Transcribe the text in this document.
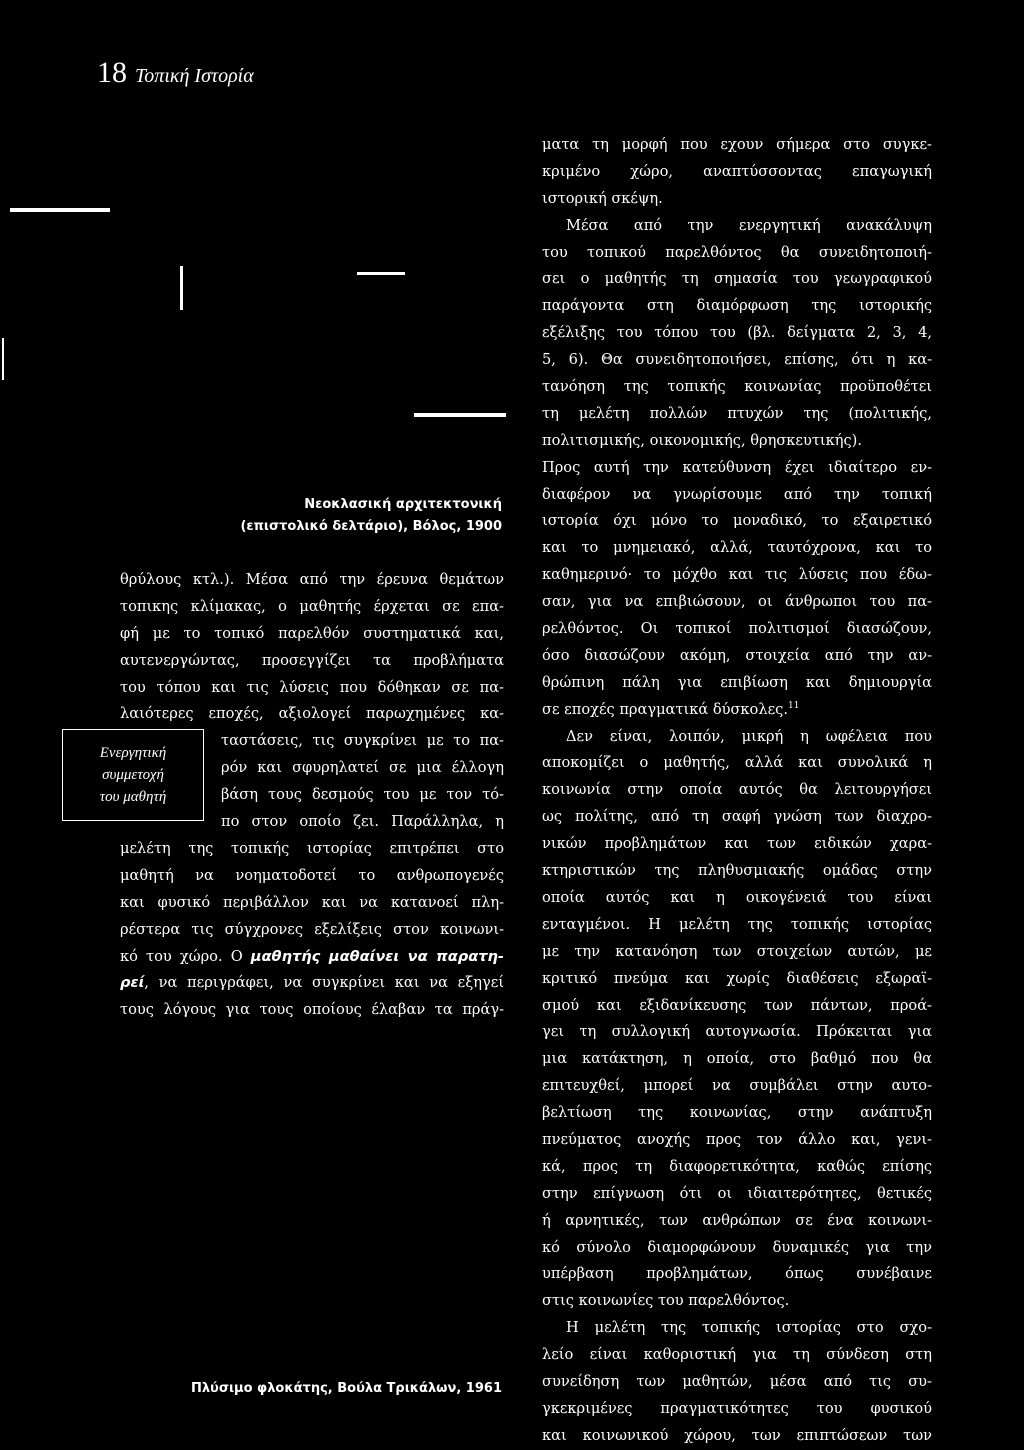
18 Τοπική Ιστορία
Νεοκλασική αρχιτεκτονική
(επιστολικό δελτάριο), Βόλος, 1900
θρύλους κτλ.). Μέσα από την έρευνα θεμάτων
τοπικης κλίμακας, ο μαθητής έρχεται σε επα-
φή με το τοπικό παρελθόν συστηματικά και,
αυτενεργώντας, προσεγγίζει τα προβλήματα
του τόπου και τις λύσεις που δόθηκαν σε πα-
λαιότερες εποχές, αξιολογεί παρωχημένες κα-
Ενεργητική
συμμετοχή
του μαθητή
ταστάσεις, τις συγκρίνει με το πα-
ρόν και σφυρηλατεί σε μια έλλογη
βάση τους δεσμούς του με τον τό-
πο στον οποίο ζει. Παράλληλα, η
μελέτη της τοπικής ιστορίας επιτρέπει στο
μαθητή να νοηματοδοτεί το ανθρωπογενές
και φυσικό περιβάλλον και να κατανοεί πλη-
ρέστερα τις σύγχρονες εξελίξεις στον κοινωνι-
κό του χώρο. Ο μαθητής μαθαίνει να παρατη-
ρεί, να περιγράφει, να συγκρίνει και να εξηγεί
τους λόγους για τους οποίους έλαβαν τα πράγ-
Πλύσιμο φλοκάτης, Βούλα Τρικάλων, 1961
ματα τη μορφή που εχουν σήμερα στο συγκε-
κριμένο χώρο, αναπτύσσοντας επαγωγική
ιστορική σκέψη.
Μέσα από την ενεργητική ανακάλυψη
του τοπικού παρελθόντος θα συνειδητοποιή-
σει ο μαθητής τη σημασία του γεωγραφικού
παράγοντα στη διαμόρφωση της ιστορικής
εξέλιξης του τόπου του (βλ. δείγματα 2, 3, 4,
5, 6). Θα συνειδητοποιήσει, επίσης, ότι η κα-
τανόηση της τοπικής κοινωνίας προϋποθέτει
τη μελέτη πολλών πτυχών της (πολιτικής,
πολιτισμικής, οικονομικής, θρησκευτικής).
Προς αυτή την κατεύθυνση έχει ιδιαίτερο εν-
διαφέρον να γνωρίσουμε από την τοπική
ιστορία όχι μόνο το μοναδικό, το εξαιρετικό
και το μνημειακό, αλλά, ταυτόχρονα, και το
καθημερινό· το μόχθο και τις λύσεις που έδω-
σαν, για να επιβιώσουν, οι άνθρωποι του πα-
ρελθόντος. Οι τοπικοί πολιτισμοί διασώζουν,
όσο διασώζουν ακόμη, στοιχεία από την αν-
θρώπινη πάλη για επιβίωση και δημιουργία
σε εποχές πραγματικά δύσκολες.$^{11}$
Δεν είναι, λοιπόν, μικρή η ωφέλεια που
αποκομίζει ο μαθητής, αλλά και συνολικά η
κοινωνία στην οποία αυτός θα λειτουργήσει
ως πολίτης, από τη σαφή γνώση των διαχρο-
νικών προβλημάτων και των ειδικών χαρα-
κτηριστικών της πληθυσμιακής ομάδας στην
οποία αυτός και η οικογένειά του είναι
ενταγμένοι. Η μελέτη της τοπικής ιστορίας
με την κατανόηση των στοιχείων αυτών, με
κριτικό πνεύμα και χωρίς διαθέσεις εξωραϊ-
σμού και εξιδανίκευσης των πάντων, προά-
γει τη συλλογική αυτογνωσία. Πρόκειται για
μια κατάκτηση, η οποία, στο βαθμό που θα
επιτευχθεί, μπορεί να συμβάλει στην αυτο-
βελτίωση της κοινωνίας, στην ανάπτυξη
πνεύματος ανοχής προς τον άλλο και, γενι-
κά, προς τη διαφορετικότητα, καθώς επίσης
στην επίγνωση ότι οι ιδιαιτερότητες, θετικές
ή αρνητικές, των ανθρώπων σε ένα κοινωνι-
κό σύνολο διαμορφώνουν δυναμικές για την
υπέρβαση προβλημάτων, όπως συνέβαινε
στις κοινωνίες του παρελθόντος.
Η μελέτη της τοπικής ιστορίας στο σχο-
λείο είναι καθοριστική για τη σύνδεση στη
συνείδηση των μαθητών, μέσα από τις συ-
γκεκριμένες πραγματικότητες του φυσικού
και κοινωνικού χώρου, των επιπτώσεων των
